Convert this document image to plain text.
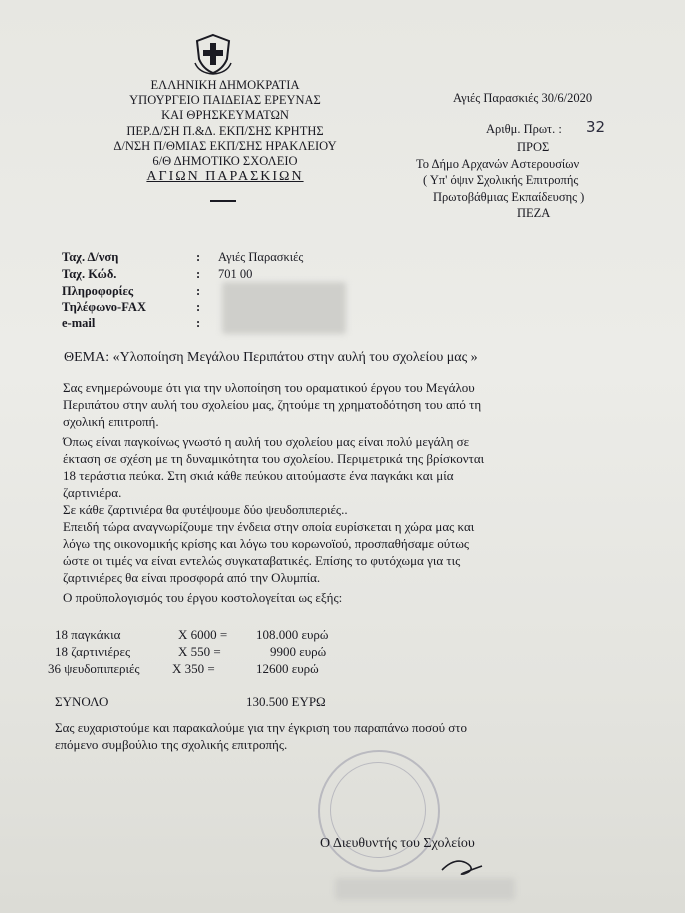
ΕΛΛΗΝΙΚΗ ΔΗΜΟΚΡΑΤΙΑ
ΥΠΟΥΡΓΕΙΟ ΠΑΙΔΕΙΑΣ ΕΡΕΥΝΑΣ
ΚΑΙ ΘΡΗΣΚΕΥΜΑΤΩΝ
ΠΕΡ.Δ/ΣΗ Π.&Δ. ΕΚΠ/ΣΗΣ ΚΡΗΤΗΣ
Δ/ΝΣΗ Π/ΘΜΙΑΣ ΕΚΠ/ΣΗΣ ΗΡΑΚΛΕΙΟΥ
6/Θ ΔΗΜΟΤΙΚΟ ΣΧΟΛΕΙΟ
ΑΓΙΩΝ ΠΑΡΑΣΚΙΩΝ
Αγιές Παρασκιές 30/6/2020
Αριθμ. Πρωτ. : 32
ΠΡΟΣ
Το Δήμο Αρχανών Αστερουσίων
( Υπ' όψιν Σχολικής Επιτροπής
Πρωτοβάθμιας Εκπαίδευσης )
ΠΕΖΑ
Ταχ. Δ/νση	: Αγιές Παρασκιές
Ταχ. Κώδ.	: 701 00
Πληροφορίες	:
Τηλέφωνο-FAX	:
e-mail	:
ΘΕΜΑ: «Υλοποίηση Μεγάλου Περιπάτου στην αυλή του σχολείου μας »
Σας ενημερώνουμε ότι για την υλοποίηση του οραματικού έργου του Μεγάλου
Περιπάτου στην αυλή του σχολείου μας, ζητούμε τη χρηματοδότηση του από τη
σχολική επιτροπή.
Όπως είναι παγκοίνως γνωστό η αυλή του σχολείου μας είναι πολύ μεγάλη σε
έκταση σε σχέση με τη δυναμικότητα του σχολείου. Περιμετρικά της βρίσκονται
18 τεράστια πεύκα. Στη σκιά κάθε πεύκου αιτούμαστε ένα παγκάκι και μία
ζαρτινιέρα.
Σε κάθε ζαρτινιέρα θα φυτέψουμε δύο ψευδοπιπεριές..
Επειδή τώρα αναγνωρίζουμε την ένδεια στην οποία ευρίσκεται η χώρα μας και
λόγω της οικονομικής κρίσης και λόγω του κορωνοϊού, προσπαθήσαμε ούτως
ώστε οι τιμές να είναι εντελώς συγκαταβατικές. Επίσης το φυτόχωμα για τις
ζαρτινιέρες θα είναι προσφορά από την Ολυμπία.
Ο προϋπολογισμός του έργου κοστολογείται ως εξής:
18 παγκάκια	Χ 6000 = 108.000 ευρώ
18 ζαρτινιέρες	Χ 550 =	9900 ευρώ
36 ψευδοπιπεριές Χ 350 =	12600 ευρώ
ΣΥΝΟΛΟ	130.500 ΕΥΡΩ
Σας ευχαριστούμε και παρακαλούμε για την έγκριση του παραπάνω ποσού στο
επόμενο συμβούλιο της σχολικής επιτροπής.
Ο Διευθυντής του Σχολείου
